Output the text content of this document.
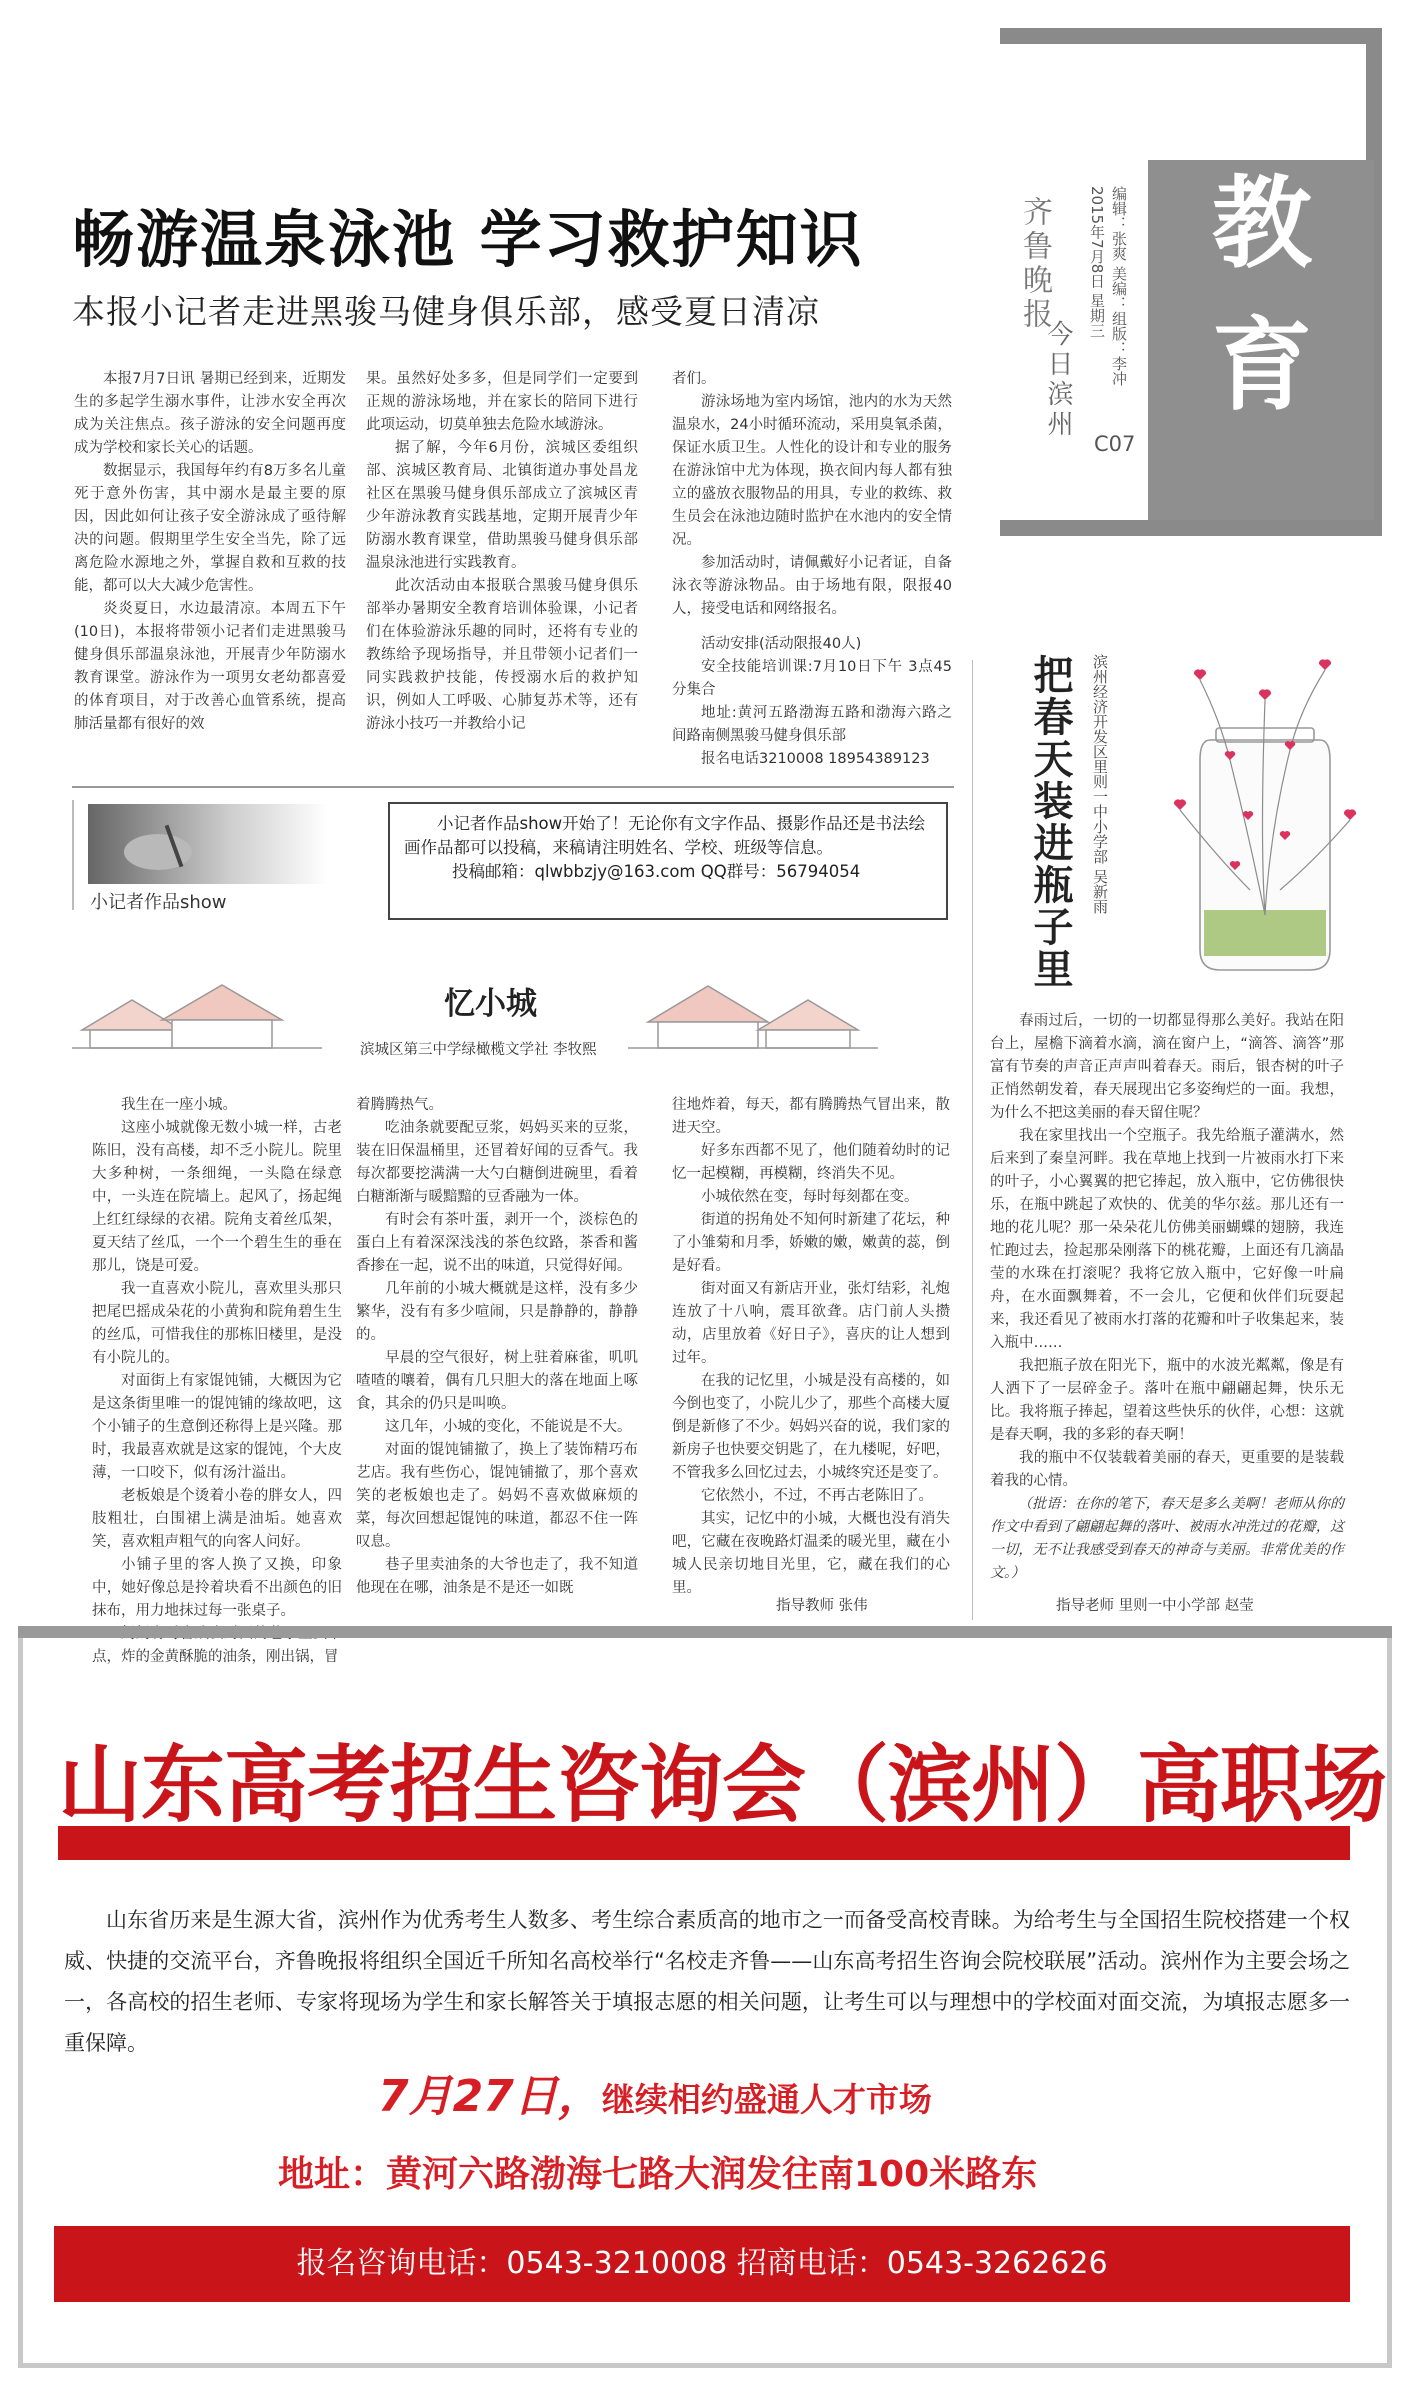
教
育
齐鲁晚报
今日滨州 编辑：张爽 美编：组版：李冲
2015年7月8日 星期三
C07
畅游温泉泳池 学习救护知识
本报小记者走进黑骏马健身俱乐部，感受夏日清凉

本报7月7日讯 暑期已经到来，近期发生的多起学生溺水事件，让涉水安全再次成为关注焦点。孩子游泳的安全问题再度成为学校和家长关心的话题。

数据显示，我国每年约有8万多名儿童死于意外伤害，其中溺水是最主要的原因，因此如何让孩子安全游泳成了亟待解决的问题。假期里学生安全当先，除了远离危险水源地之外，掌握自救和互救的技能，都可以大大减少危害性。

炎炎夏日，水边最清凉。本周五下午(10日)，本报将带领小记者们走进黑骏马健身俱乐部温泉泳池，开展青少年防溺水教育课堂。游泳作为一项男女老幼都喜爱的体育项目，对于改善心血管系统，提高肺活量都有很好的效

果。虽然好处多多，但是同学们一定要到正规的游泳场地，并在家长的陪同下进行此项运动，切莫单独去危险水域游泳。

据了解，今年6月份，滨城区委组织部、滨城区教育局、北镇街道办事处昌龙社区在黑骏马健身俱乐部成立了滨城区青少年游泳教育实践基地，定期开展青少年防溺水教育课堂，借助黑骏马健身俱乐部温泉泳池进行实践教育。

此次活动由本报联合黑骏马健身俱乐部举办暑期安全教育培训体验课，小记者们在体验游泳乐趣的同时，还将有专业的教练给予现场指导，并且带领小记者们一同实践救护技能，传授溺水后的救护知识，例如人工呼吸、心肺复苏术等，还有游泳小技巧一并教给小记

者们。

游泳场地为室内场馆，池内的水为天然温泉水，24小时循环流动，采用臭氧杀菌，保证水质卫生。人性化的设计和专业的服务在游泳馆中尤为体现，换衣间内每人都有独立的盛放衣服物品的用具，专业的救练、救生员会在泳池边随时监护在水池内的安全情况。

参加活动时，请佩戴好小记者证，自备泳衣等游泳物品。由于场地有限，限报40人，接受电话和网络报名。

活动安排(活动限报40人)

安全技能培训课:7月10日下午 3点45分集合

地址:黄河五路渤海五路和渤海六路之间路南侧黑骏马健身俱乐部

报名电话3210008 18954389123

小记者作品show
小记者作品show开始了！无论你有文字作品、摄影作品还是书法绘画作品都可以投稿，来稿请注明姓名、学校、班级等信息。
投稿邮箱：qlwbbzjy@163.com QQ群号：56794054
忆小城
滨城区第三中学绿橄榄文学社 李牧熙

我生在一座小城。

这座小城就像无数小城一样，古老陈旧，没有高楼，却不乏小院儿。院里大多种树，一条细绳，一头隐在绿意中，一头连在院墙上。起风了，扬起绳上红红绿绿的衣裙。院角支着丝瓜架，夏天结了丝瓜，一个一个碧生生的垂在那儿，饶是可爱。

我一直喜欢小院儿，喜欢里头那只把尾巴摇成朵花的小黄狗和院角碧生生的丝瓜，可惜我住的那栋旧楼里，是没有小院儿的。

对面街上有家馄饨铺，大概因为它是这条街里唯一的馄饨铺的缘故吧，这个小铺子的生意倒还称得上是兴隆。那时，我最喜欢就是这家的馄饨，个大皮薄，一口咬下，似有汤汁溢出。

老板娘是个烫着小卷的胖女人，四肢粗壮，白围裙上满是油垢。她喜欢笑，喜欢粗声粗气的向客人问好。

小铺子里的客人换了又换，印象中，她好像总是拎着块看不出颜色的旧抹布，用力地抹过每一张桌子。

点，炸的金黄酥脆的油条，刚出锅，冒

着腾腾热气。

吃油条就要配豆浆，妈妈买来的豆浆，装在旧保温桶里，还冒着好闻的豆香气。我每次都要挖满满一大勺白糖倒进碗里，看着白糖渐渐与暖黯黯的豆香融为一体。

有时会有茶叶蛋，剥开一个，淡棕色的蛋白上有着深深浅浅的茶色纹路，茶香和酱香掺在一起，说不出的味道，只觉得好闻。

几年前的小城大概就是这样，没有多少繁华，没有有多少喧闹，只是静静的，静静的。

早晨的空气很好，树上驻着麻雀，叽叽喳喳的嚷着，偶有几只胆大的落在地面上啄食，其余的仍只是叫唤。

这几年，小城的变化，不能说是不大。

对面的馄饨铺撤了，换上了装饰精巧布艺店。我有些伤心，馄饨铺撤了，那个喜欢笑的老板娘也走了。妈妈不喜欢做麻烦的菜，每次回想起馄饨的味道，都忍不住一阵叹息。

巷子里卖油条的大爷也走了，我不知道他现在在哪，油条是不是还一如既

往地炸着，每天，都有腾腾热气冒出来，散进天空。

好多东西都不见了，他们随着幼时的记忆一起模糊，再模糊，终消失不见。

小城依然在变，每时每刻都在变。

街道的拐角处不知何时新建了花坛，种了小雏菊和月季，娇嫩的嫩，嫩黄的蕊，倒是好看。

街对面又有新店开业，张灯结彩，礼炮连放了十八响，震耳欲聋。店门前人头攒动，店里放着《好日子》，喜庆的让人想到过年。

在我的记忆里，小城是没有高楼的，如今倒也变了，小院儿少了，那些个高楼大厦倒是新修了不少。妈妈兴奋的说，我们家的新房子也快要交钥匙了，在九楼呢，好吧，不管我多么回忆过去，小城终究还是变了。

它依然小，不过，不再古老陈旧了。

其实，记忆中的小城，大概也没有消失吧，它藏在夜晚路灯温柔的暖光里，藏在小城人民亲切地目光里，它，藏在我们的心里。

指导教师 张伟
把春天装进瓶子里	滨州经济开发区里则一中小学部 吴新雨

春雨过后，一切的一切都显得那么美好。我站在阳台上，屋檐下滴着水滴，滴在窗户上，“滴答、滴答”那富有节奏的声音正声声叫着春天。雨后，银杏树的叶子正悄然朝发着，春天展现出它多姿绚烂的一面。我想，为什么不把这美丽的春天留住呢？

我在家里找出一个空瓶子。我先给瓶子灌满水，然后来到了秦皇河畔。我在草地上找到一片被雨水打下来的叶子，小心翼翼的把它捧起，放入瓶中，它仿佛很快乐，在瓶中跳起了欢快的、优美的华尔兹。那儿还有一地的花儿呢？那一朵朵花儿仿佛美丽蝴蝶的翅膀，我连忙跑过去，捡起那朵刚落下的桃花瓣，上面还有几滴晶莹的水珠在打滚呢？我将它放入瓶中，它好像一叶扁舟，在水面飘舞着，不一会儿，它便和伙伴们玩耍起来，我还看见了被雨水打落的花瓣和叶子收集起来，装入瓶中……

我把瓶子放在阳光下，瓶中的水波光粼粼，像是有人洒下了一层碎金子。落叶在瓶中翩翩起舞，快乐无比。我将瓶子捧起，望着这些快乐的伙伴，心想：这就是春天啊，我的多彩的春天啊！

我的瓶中不仅装载着美丽的春天，更重要的是装载着我的心情。

（批语：在你的笔下，春天是多么美啊！老师从你的作文中看到了翩翩起舞的落叶、被雨水冲洗过的花瓣，这一切，无不让我感受到春天的神奇与美丽。非常优美的作文。）

指导老师 里则一中小学部 赵莹
山东高考招生咨询会（滨州）高职场
山东省历来是生源大省，滨州作为优秀考生人数多、考生综合素质高的地市之一而备受高校青睐。为给考生与全国招生院校搭建一个权威、快捷的交流平台，齐鲁晚报将组织全国近千所知名高校举行“名校走齐鲁——山东高考招生咨询会院校联展”活动。滨州作为主要会场之一，各高校的招生老师、专家将现场为学生和家长解答关于填报志愿的相关问题，让考生可以与理想中的学校面对面交流，为填报志愿多一重保障。
7月27日，继续相约盛通人才市场
地址：黄河六路渤海七路大润发往南100米路东
报名咨询电话：0543-3210008 招商电话：0543-3262626
